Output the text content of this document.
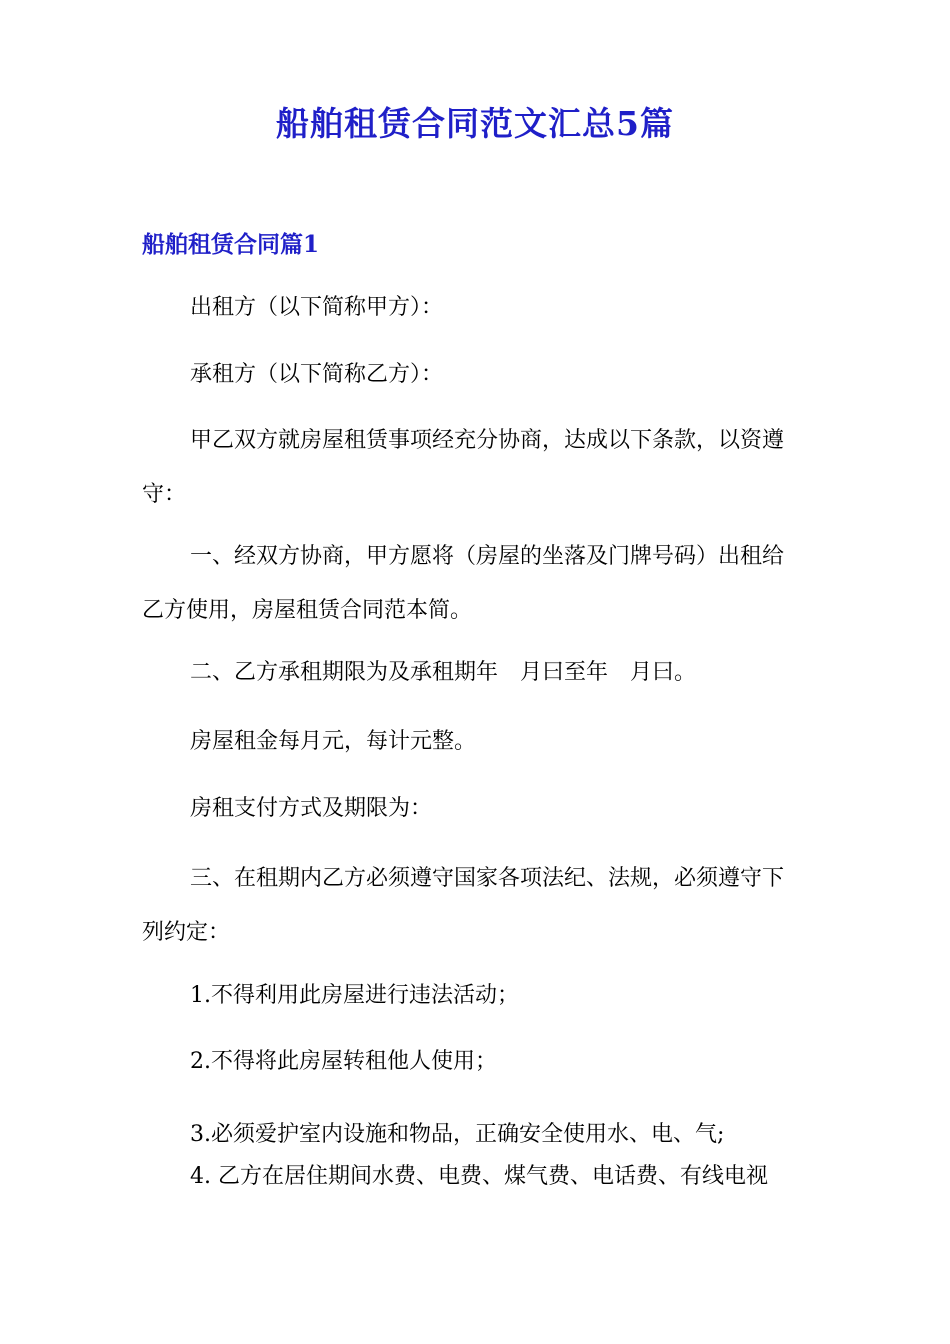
船舶租赁合同范文汇总5篇
船舶租赁合同篇1
出租方（以下简称甲方）：
承租方（以下简称乙方）：
甲乙双方就房屋租赁事项经充分协商，达成以下条款，以资遵守：
一、经双方协商，甲方愿将（房屋的坐落及门牌号码）出租给乙方使用，房屋租赁合同范本简。
二、乙方承租期限为及承租期年　月曰至年　月曰。
房屋租金每月元，每计元整。
房租支付方式及期限为：
三、在租期内乙方必须遵守国家各项法纪、法规，必须遵守下列约定：
1.不得利用此房屋进行违法活动；
2.不得将此房屋转租他人使用；
3.必须爱护室内设施和物品，正确安全使用水、电、气;
4. 乙方在居住期间水费、电费、煤气费、电话费、有线电视
